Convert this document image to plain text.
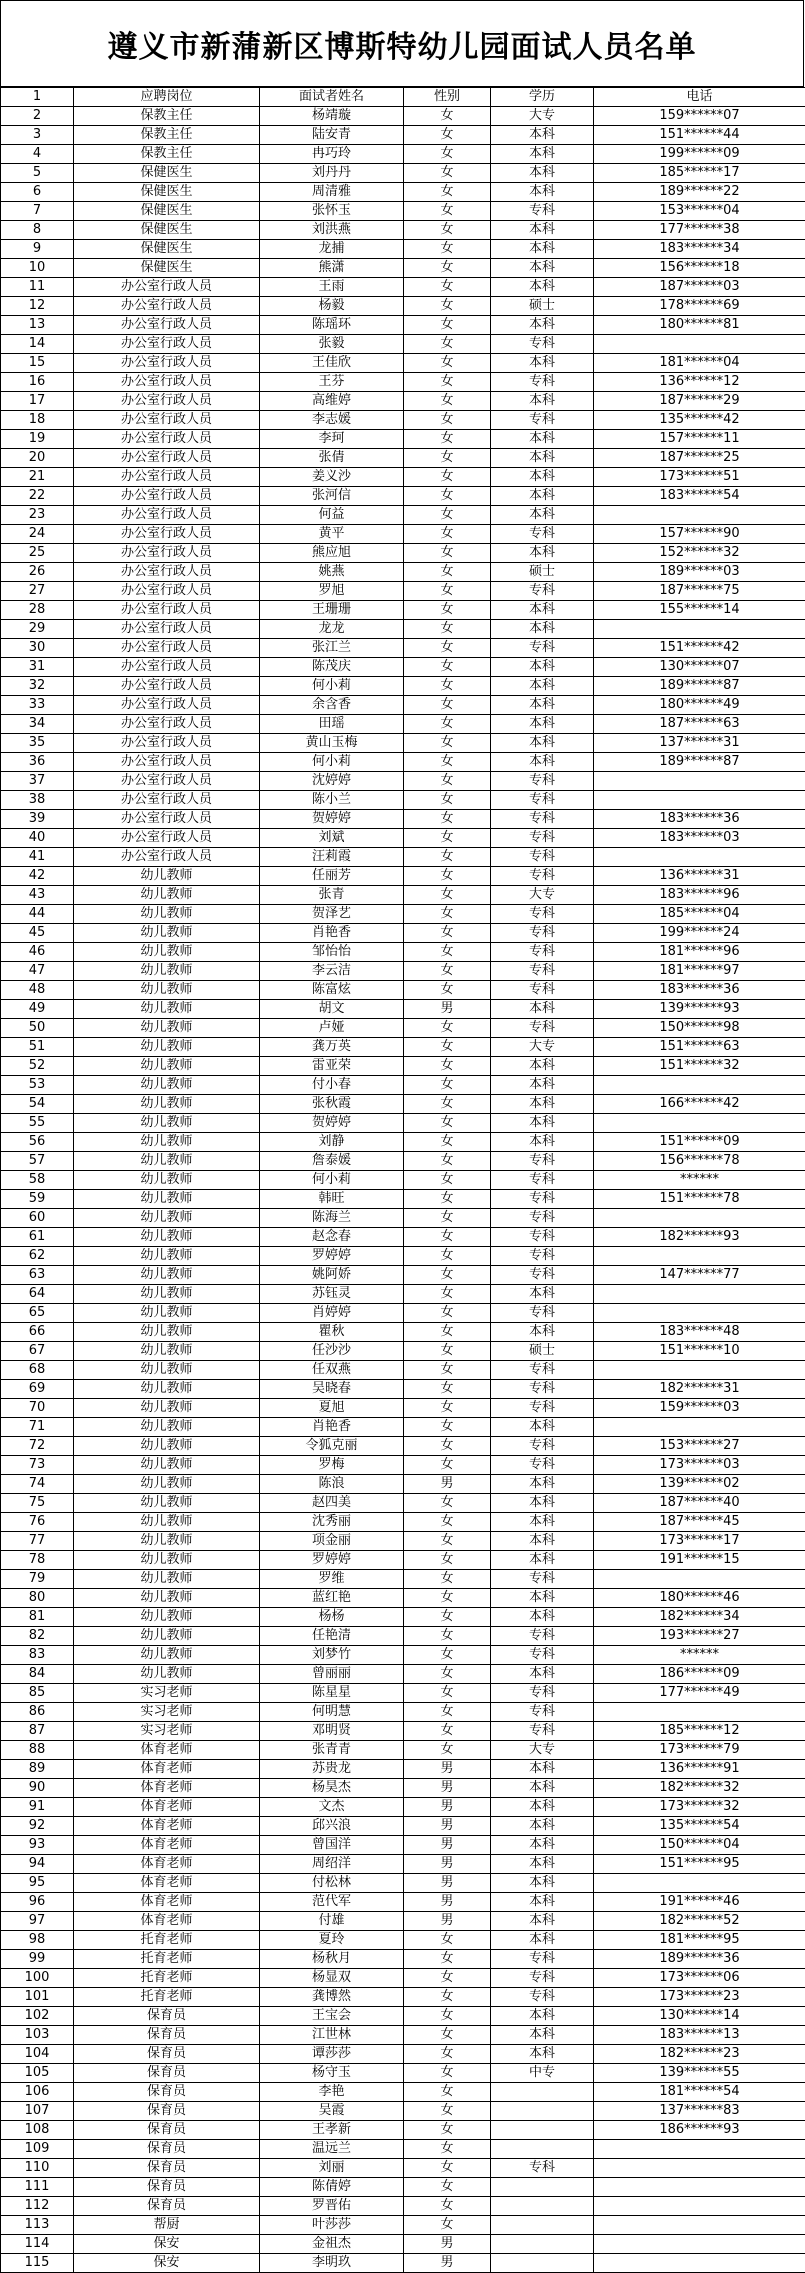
遵义市新蒲新区博斯特幼儿园面试人员名单
1	应聘岗位	面试者姓名	性别	学历	电话
2	保教主任	杨靖璇	女	大专	159******07
3	保教主任	陆安青	女	本科	151******44
4	保教主任	冉巧玲	女	本科	199******09
5	保健医生	刘丹丹	女	本科	185******17
6	保健医生	周清雅	女	本科	189******22
7	保健医生	张怀玉	女	专科	153******04
8	保健医生	刘洪燕	女	本科	177******38
9	保健医生	龙捕	女	本科	183******34
10	保健医生	熊潇	女	本科	156******18
11	办公室行政人员	王雨	女	本科	187******03
12	办公室行政人员	杨毅	女	硕士	178******69
13	办公室行政人员	陈瑶环	女	本科	180******81
14	办公室行政人员	张毅	女	专科	
15	办公室行政人员	王佳欣	女	本科	181******04
16	办公室行政人员	王芬	女	专科	136******12
17	办公室行政人员	高维婷	女	本科	187******29
18	办公室行政人员	李志媛	女	专科	135******42
19	办公室行政人员	李珂	女	本科	157******11
20	办公室行政人员	张倩	女	本科	187******25
21	办公室行政人员	姜义沙	女	本科	173******51
22	办公室行政人员	张河信	女	本科	183******54
23	办公室行政人员	何益	女	本科	
24	办公室行政人员	黄平	女	专科	157******90
25	办公室行政人员	熊应旭	女	本科	152******32
26	办公室行政人员	姚燕	女	硕士	189******03
27	办公室行政人员	罗旭	女	专科	187******75
28	办公室行政人员	王珊珊	女	本科	155******14
29	办公室行政人员	龙龙	女	本科	
30	办公室行政人员	张江兰	女	专科	151******42
31	办公室行政人员	陈茂庆	女	本科	130******07
32	办公室行政人员	何小莉	女	本科	189******87
33	办公室行政人员	余含香	女	本科	180******49
34	办公室行政人员	田瑶	女	本科	187******63
35	办公室行政人员	黄山玉梅	女	本科	137******31
36	办公室行政人员	何小莉	女	本科	189******87
37	办公室行政人员	沈婷婷	女	专科	
38	办公室行政人员	陈小兰	女	专科	
39	办公室行政人员	贺婷婷	女	专科	183******36
40	办公室行政人员	刘斌	女	专科	183******03
41	办公室行政人员	汪莉霞	女	专科	
42	幼儿教师	任丽芳	女	专科	136******31
43	幼儿教师	张青	女	大专	183******96
44	幼儿教师	贺泽艺	女	专科	185******04
45	幼儿教师	肖艳香	女	专科	199******24
46	幼儿教师	邹怡怡	女	专科	181******96
47	幼儿教师	李云洁	女	专科	181******97
48	幼儿教师	陈富炫	女	专科	183******36
49	幼儿教师	胡文	男	本科	139******93
50	幼儿教师	卢娅	女	专科	150******98
51	幼儿教师	龚万英	女	大专	151******63
52	幼儿教师	雷亚荣	女	本科	151******32
53	幼儿教师	付小春	女	本科	
54	幼儿教师	张秋霞	女	本科	166******42
55	幼儿教师	贺婷婷	女	本科	
56	幼儿教师	刘静	女	本科	151******09
57	幼儿教师	詹泰媛	女	专科	156******78
58	幼儿教师	何小莉	女	专科	******
59	幼儿教师	韩旺	女	专科	151******78
60	幼儿教师	陈海兰	女	专科	
61	幼儿教师	赵念春	女	专科	182******93
62	幼儿教师	罗婷婷	女	专科	
63	幼儿教师	姚阿娇	女	专科	147******77
64	幼儿教师	苏钰灵	女	本科	
65	幼儿教师	肖婷婷	女	专科	
66	幼儿教师	瞿秋	女	本科	183******48
67	幼儿教师	任沙沙	女	硕士	151******10
68	幼儿教师	任双燕	女	专科	
69	幼儿教师	吴晓春	女	专科	182******31
70	幼儿教师	夏旭	女	专科	159******03
71	幼儿教师	肖艳香	女	本科	
72	幼儿教师	令狐克丽	女	专科	153******27
73	幼儿教师	罗梅	女	专科	173******03
74	幼儿教师	陈浪	男	本科	139******02
75	幼儿教师	赵四美	女	本科	187******40
76	幼儿教师	沈秀丽	女	本科	187******45
77	幼儿教师	项金丽	女	本科	173******17
78	幼儿教师	罗婷婷	女	本科	191******15
79	幼儿教师	罗维	女	专科	
80	幼儿教师	蓝红艳	女	本科	180******46
81	幼儿教师	杨杨	女	本科	182******34
82	幼儿教师	任艳清	女	专科	193******27
83	幼儿教师	刘梦竹	女	专科	******
84	幼儿教师	曾丽丽	女	本科	186******09
85	实习老师	陈星星	女	专科	177******49
86	实习老师	何明慧	女	专科	
87	实习老师	邓明贤	女	专科	185******12
88	体育老师	张青青	女	大专	173******79
89	体育老师	苏贵龙	男	本科	136******91
90	体育老师	杨昊杰	男	本科	182******32
91	体育老师	文杰	男	本科	173******32
92	体育老师	邱兴浪	男	本科	135******54
93	体育老师	曾国洋	男	本科	150******04
94	体育老师	周绍洋	男	本科	151******95
95	体育老师	付松林	男	本科	
96	体育老师	范代军	男	本科	191******46
97	体育老师	付雄	男	本科	182******52
98	托育老师	夏玲	女	本科	181******95
99	托育老师	杨秋月	女	专科	189******36
100	托育老师	杨显双	女	专科	173******06
101	托育老师	龚博然	女	专科	173******23
102	保育员	王宝会	女	本科	130******14
103	保育员	江世林	女	本科	183******13
104	保育员	谭莎莎	女	本科	182******23
105	保育员	杨守玉	女	中专	139******55
106	保育员	李艳	女		181******54
107	保育员	吴霞	女		137******83
108	保育员	王孝新	女		186******93
109	保育员	温远兰	女		
110	保育员	刘丽	女	专科	
111	保育员	陈倩婷	女		
112	保育员	罗晋佑	女		
113	帮厨	叶莎莎	女		
114	保安	金祖杰	男		
115	保安	李明玖	男		
